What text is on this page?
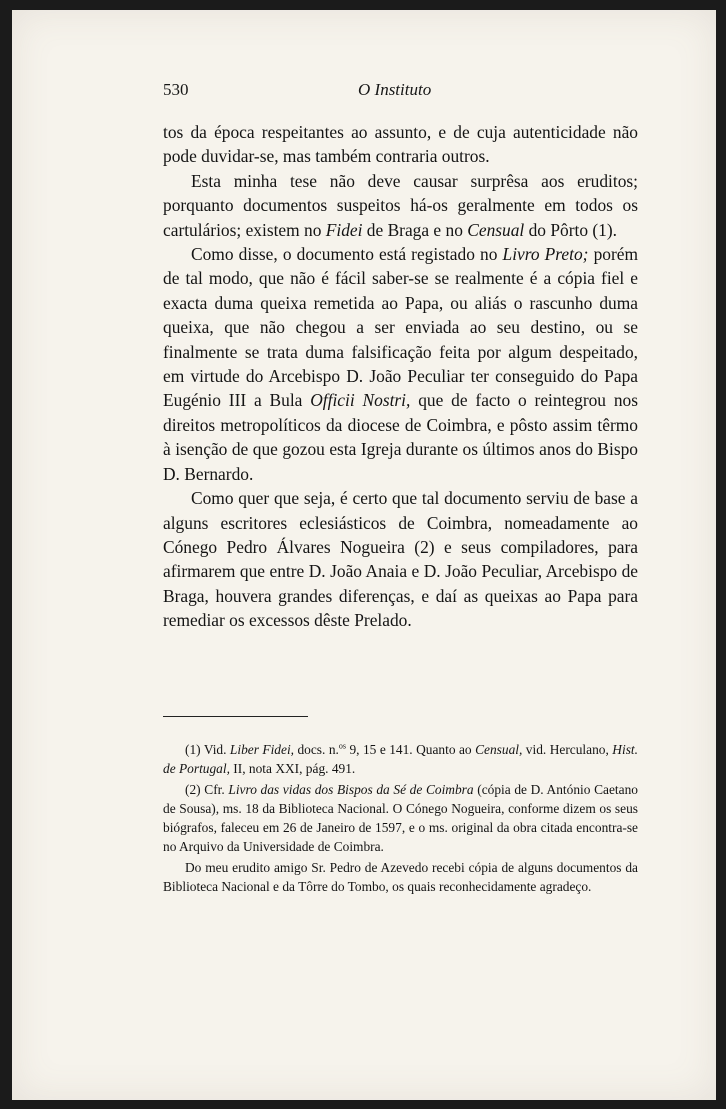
530	O Instituto

tos da época respeitantes ao assunto, e de cuja autenticidade não pode duvidar-se, mas também contraria outros.

Esta minha tese não deve causar surprêsa aos eruditos; porquanto documentos suspeitos há-os geralmente em todos os cartulários; existem no Fidei de Braga e no Censual do Pôrto (1).

Como disse, o documento está registado no Livro Preto; porém de tal modo, que não é fácil saber-se se realmente é a cópia fiel e exacta duma queixa remetida ao Papa, ou aliás o rascunho duma queixa, que não chegou a ser enviada ao seu destino, ou se finalmente se trata duma falsificação feita por algum despeitado, em virtude do Arcebispo D. João Peculiar ter conseguido do Papa Eugénio III a Bula Officii Nostri, que de facto o reintegrou nos direitos metropolíticos da diocese de Coimbra, e pôsto assim têrmo à isenção de que gozou esta Igreja durante os últimos anos do Bispo D. Bernardo.

Como quer que seja, é certo que tal documento serviu de base a alguns escritores eclesiásticos de Coimbra, nomeadamente ao Cónego Pedro Álvares Nogueira (2) e seus compiladores, para afirmarem que entre D. João Anaia e D. João Peculiar, Arcebispo de Braga, houvera grandes diferenças, e daí as queixas ao Papa para remediar os excessos dêste Prelado.

(1) Vid. Liber Fidei, docs. n.$^{os}$ 9, 15 e 141. Quanto ao Censual, vid. Herculano, Hist. de Portugal, II, nota XXI, pág. 491.

(2) Cfr. Livro das vidas dos Bispos da Sé de Coimbra (cópia de D. António Caetano de Sousa), ms. 18 da Biblioteca Nacional. O Cónego Nogueira, conforme dizem os seus biógrafos, faleceu em 26 de Janeiro de 1597, e o ms. original da obra citada encontra-se no Arquivo da Universidade de Coimbra.

Do meu erudito amigo Sr. Pedro de Azevedo recebi cópia de alguns documentos da Biblioteca Nacional e da Tôrre do Tombo, os quais reconhecidamente agradeço.
